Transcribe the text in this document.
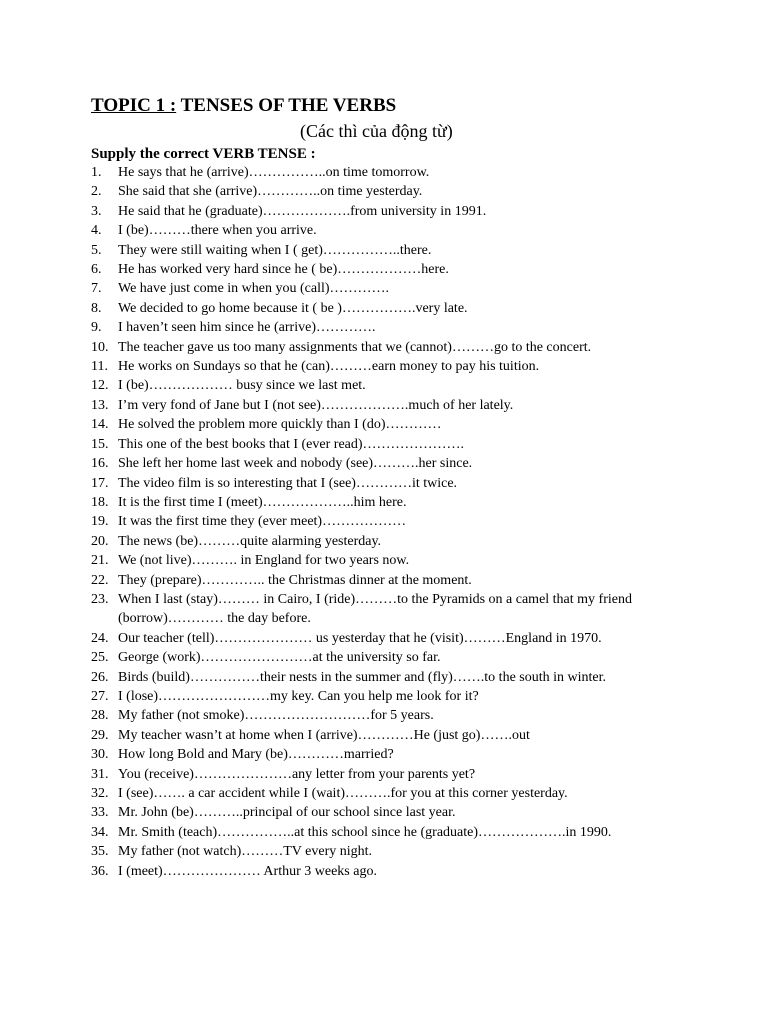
TOPIC 1 : TENSES OF THE VERBS
(Các thì của động từ)
Supply the correct VERB TENSE :
1. He says that he (arrive)……………..on time tomorrow.
2. She said that she (arrive)…………..on time yesterday.
3. He said that he (graduate)……………….from university in 1991.
4. I (be)………there when you arrive.
5. They were still waiting when I ( get)……………..there.
6. He has worked very hard since he ( be)………………here.
7. We have just come in when you (call)………….
8. We decided to go home because it ( be )…………….very late.
9. I haven’t seen him since he (arrive)………….
10. The teacher gave us too many assignments that we (cannot)………go to the concert.
11. He works on Sundays so that he (can)………earn money to pay his tuition.
12. I (be)……………… busy since we last met.
13. I’m very fond of Jane but I (not see)……………….much of her lately.
14. He solved the problem more quickly than I (do)…………
15. This one of the best books that I (ever read)………………….
16. She left her home last week and nobody (see)……….her since.
17. The video film is so interesting that I (see)…………it twice.
18. It is the first time I (meet)………………..him here.
19. It was the first time they (ever meet)………………
20. The news (be)………quite alarming yesterday.
21. We (not live)………. in England for two years now.
22. They (prepare)………….. the Christmas dinner at the moment.
23. When I last (stay)……… in Cairo, I (ride)………to the Pyramids on a camel that my friend (borrow)………… the day before.
24. Our teacher (tell)………………… us yesterday that he (visit)………England in 1970.
25. George (work)……………………at the university so far.
26. Birds (build)……………their nests in the summer and (fly)…….to the south in winter.
27. I (lose)……………………my key. Can you help me look for it?
28. My father (not smoke)………………………for 5 years.
29. My teacher wasn’t at home when I (arrive)…………He (just go)…….out
30. How long Bold and Mary (be)…………married?
31. You (receive)…………………any letter from your parents yet?
32. I (see)……. a car accident while I (wait)……….for you at this corner yesterday.
33. Mr. John (be)………..principal of our school since last year.
34. Mr. Smith (teach)……………..at this school since he (graduate)……………….in 1990.
35. My father (not watch)………TV every night.
36. I (meet)………………… Arthur 3 weeks ago.
